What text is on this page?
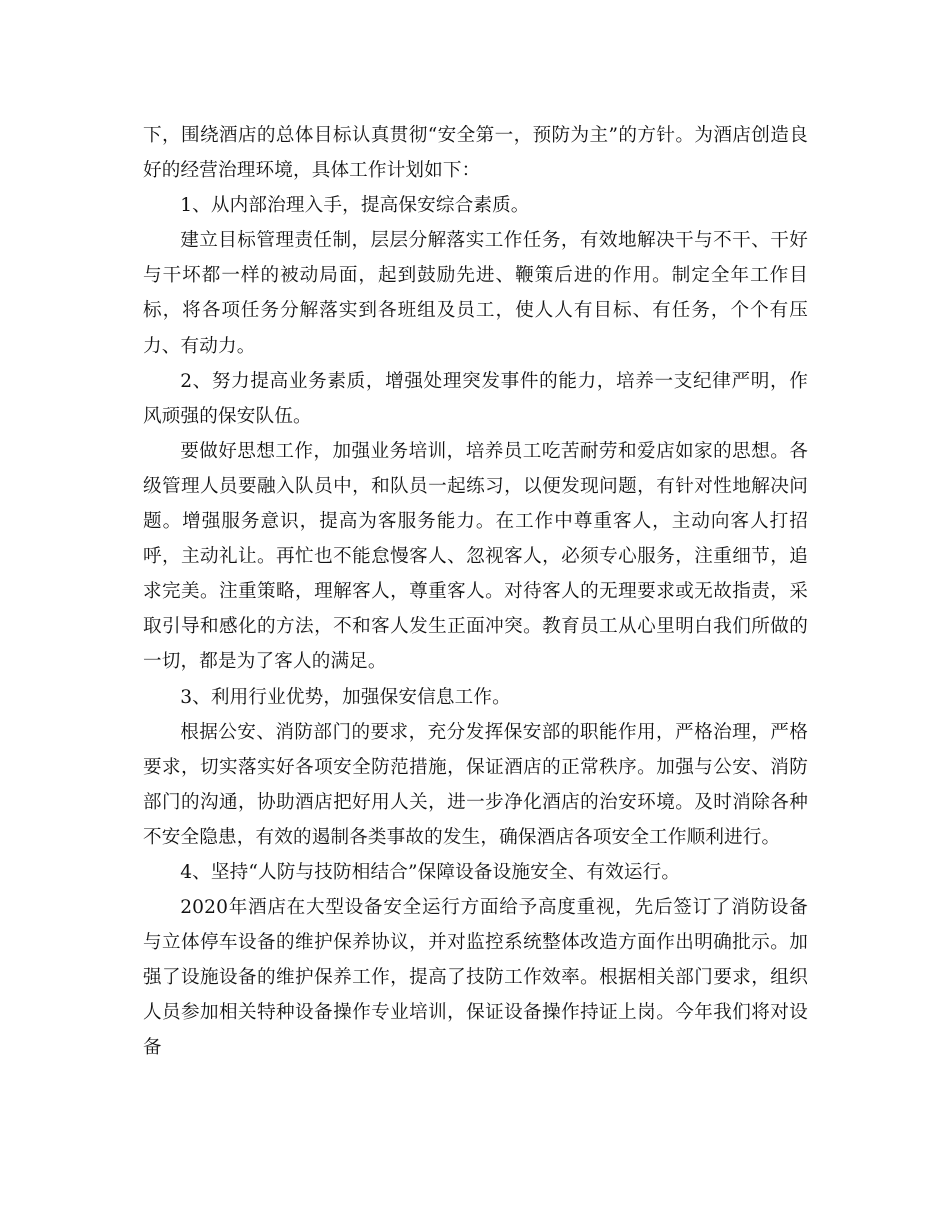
下，围绕酒店的总体目标认真贯彻“安全第一，预防为主”的方针。为酒店创造良好的经营治理环境，具体工作计划如下：

1、从内部治理入手，提高保安综合素质。

建立目标管理责任制，层层分解落实工作任务，有效地解决干与不干、干好与干坏都一样的被动局面，起到鼓励先进、鞭策后进的作用。制定全年工作目标，将各项任务分解落实到各班组及员工，使人人有目标、有任务，个个有压力、有动力。

2、努力提高业务素质，增强处理突发事件的能力，培养一支纪律严明，作风顽强的保安队伍。

要做好思想工作，加强业务培训，培养员工吃苦耐劳和爱店如家的思想。各级管理人员要融入队员中，和队员一起练习，以便发现问题，有针对性地解决问题。增强服务意识，提高为客服务能力。在工作中尊重客人，主动向客人打招呼，主动礼让。再忙也不能怠慢客人、忽视客人，必须专心服务，注重细节，追求完美。注重策略，理解客人，尊重客人。对待客人的无理要求或无故指责，采取引导和感化的方法，不和客人发生正面冲突。教育员工从心里明白我们所做的一切，都是为了客人的满足。

3、利用行业优势，加强保安信息工作。

根据公安、消防部门的要求，充分发挥保安部的职能作用，严格治理，严格要求，切实落实好各项安全防范措施，保证酒店的正常秩序。加强与公安、消防部门的沟通，协助酒店把好用人关，进一步净化酒店的治安环境。及时消除各种不安全隐患，有效的遏制各类事故的发生，确保酒店各项安全工作顺利进行。

4、坚持“人防与技防相结合”保障设备设施安全、有效运行。

2020年酒店在大型设备安全运行方面给予高度重视，先后签订了消防设备与立体停车设备的维护保养协议，并对监控系统整体改造方面作出明确批示。加强了设施设备的维护保养工作，提高了技防工作效率。根据相关部门要求，组织人员参加相关特种设备操作专业培训，保证设备操作持证上岗。今年我们将对设备
